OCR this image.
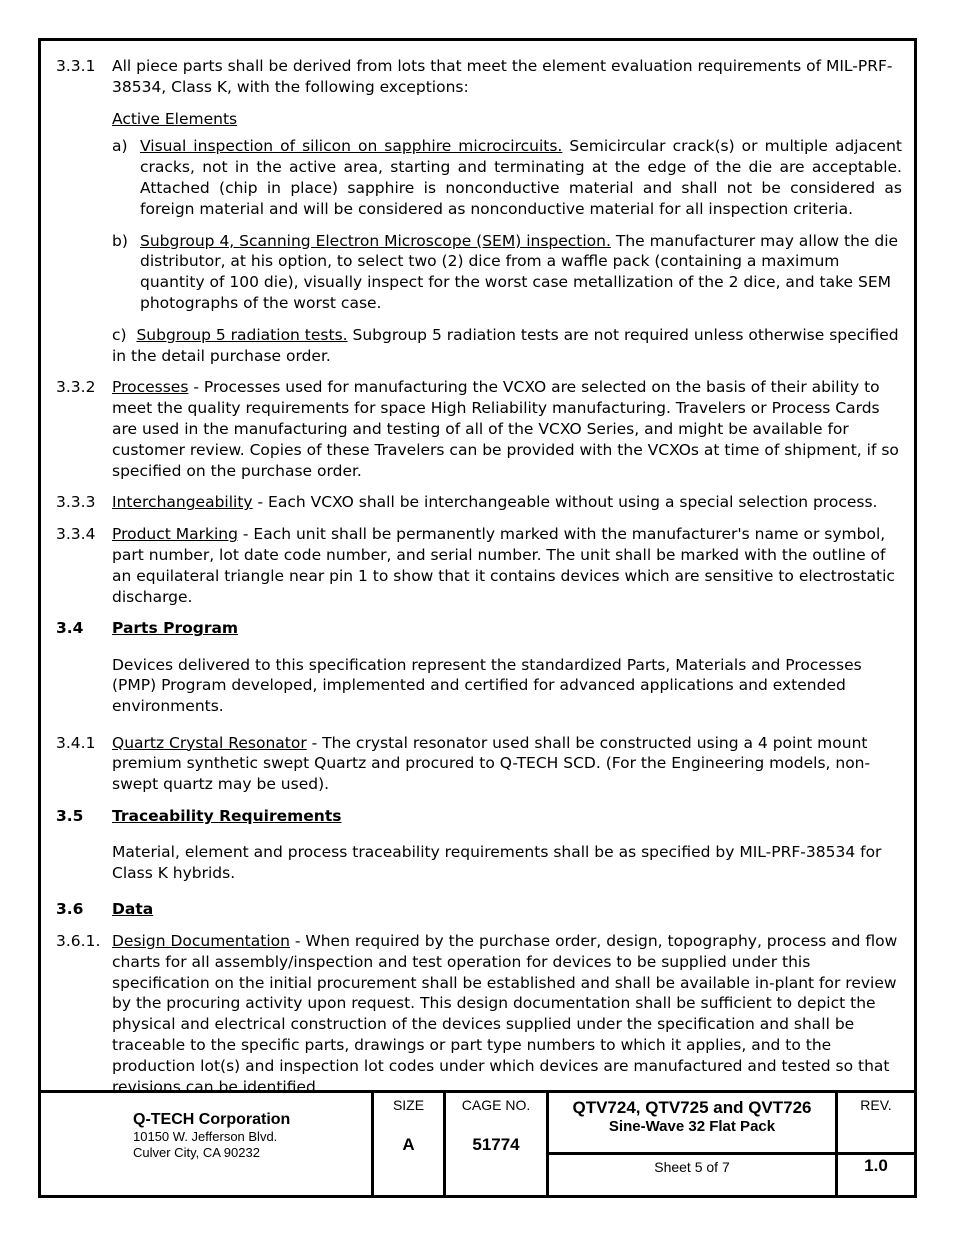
3.3.1	All piece parts shall be derived from lots that meet the element evaluation requirements of MIL-PRF-38534, Class K, with the following exceptions:

Active Elements

a) Visual inspection of silicon on sapphire microcircuits. Semicircular crack(s) or multiple adjacent cracks, not in the active area, starting and terminating at the edge of the die are acceptable. Attached (chip in place) sapphire is nonconductive material and shall not be considered as foreign material and will be considered as nonconductive material for all inspection criteria.
b) Subgroup 4, Scanning Electron Microscope (SEM) inspection. The manufacturer may allow the die distributor, at his option, to select two (2) dice from a waffle pack (containing a maximum quantity of 100 die), visually inspect for the worst case metallization of the 2 dice, and take SEM photographs of the worst case.
c) Subgroup 5 radiation tests. Subgroup 5 radiation tests are not required unless otherwise specified in the detail purchase order.
3.3.2	Processes - Processes used for manufacturing the VCXO are selected on the basis of their ability to meet the quality requirements for space High Reliability manufacturing. Travelers or Process Cards are used in the manufacturing and testing of all of the VCXO Series, and might be available for customer review. Copies of these Travelers can be provided with the VCXOs at time of shipment, if so specified on the purchase order.

3.3.3	Interchangeability - Each VCXO shall be interchangeable without using a special selection process.

3.3.4	Product Marking - Each unit shall be permanently marked with the manufacturer's name or symbol, part number, lot date code number, and serial number. The unit shall be marked with the outline of an equilateral triangle near pin 1 to show that it contains devices which are sensitive to electrostatic discharge.

3.4	Parts Program

Devices delivered to this specification represent the standardized Parts, Materials and Processes (PMP) Program developed, implemented and certified for advanced applications and extended environments.

3.4.1	Quartz Crystal Resonator - The crystal resonator used shall be constructed using a 4 point mount premium synthetic swept Quartz and procured to Q-TECH SCD. (For the Engineering models, non-swept quartz may be used).

3.5	Traceability Requirements

Material, element and process traceability requirements shall be as specified by MIL-PRF-38534 for Class K hybrids.

3.6	Data

3.6.1. Design Documentation - When required by the purchase order, design, topography, process and flow charts for all assembly/inspection and test operation for devices to be supplied under this specification on the initial procurement shall be established and shall be available in-plant for review by the procuring activity upon request. This design documentation shall be sufficient to depict the physical and electrical construction of the devices supplied under the specification and shall be traceable to the specific parts, drawings or part type numbers to which it applies, and to the production lot(s) and inspection lot codes under which devices are manufactured and tested so that revisions can be identified.

Q-TECH Corporation
10150 W. Jefferson Blvd.
Culver City, CA 90232
SIZE
A
CAGE NO.
51774
QTV724, QTV725 and QVT726
Sine-Wave 32 Flat Pack
Sheet 5 of 7
REV.
1.0
